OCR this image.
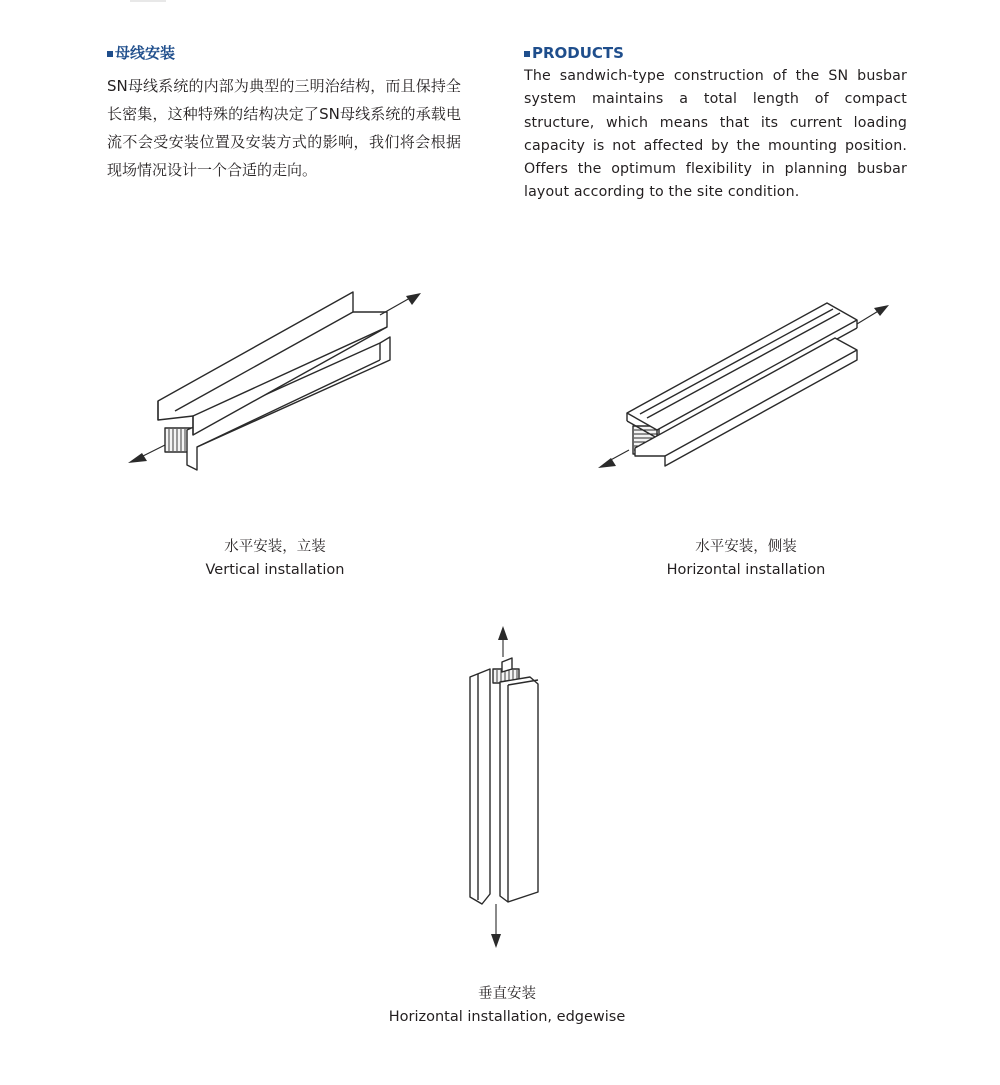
母线安装

SN母线系统的内部为典型的三明治结构，而且保持全长密集，这种特殊的结构决定了SN母线系统的承载电流不会受安装位置及安装方式的影响，我们将会根据现场情况设计一个合适的走向。

PRODUCTS

The sandwich-type construction of the SN busbar system maintains a total length of compact structure, which means that its current loading capacity is not affected by the mounting position. Offers the optimum flexibility in planning busbar layout according to the site condition.

水平安装，立装
Vertical installation
水平安装，侧装
Horizontal installation
垂直安装
Horizontal installation, edgewise
